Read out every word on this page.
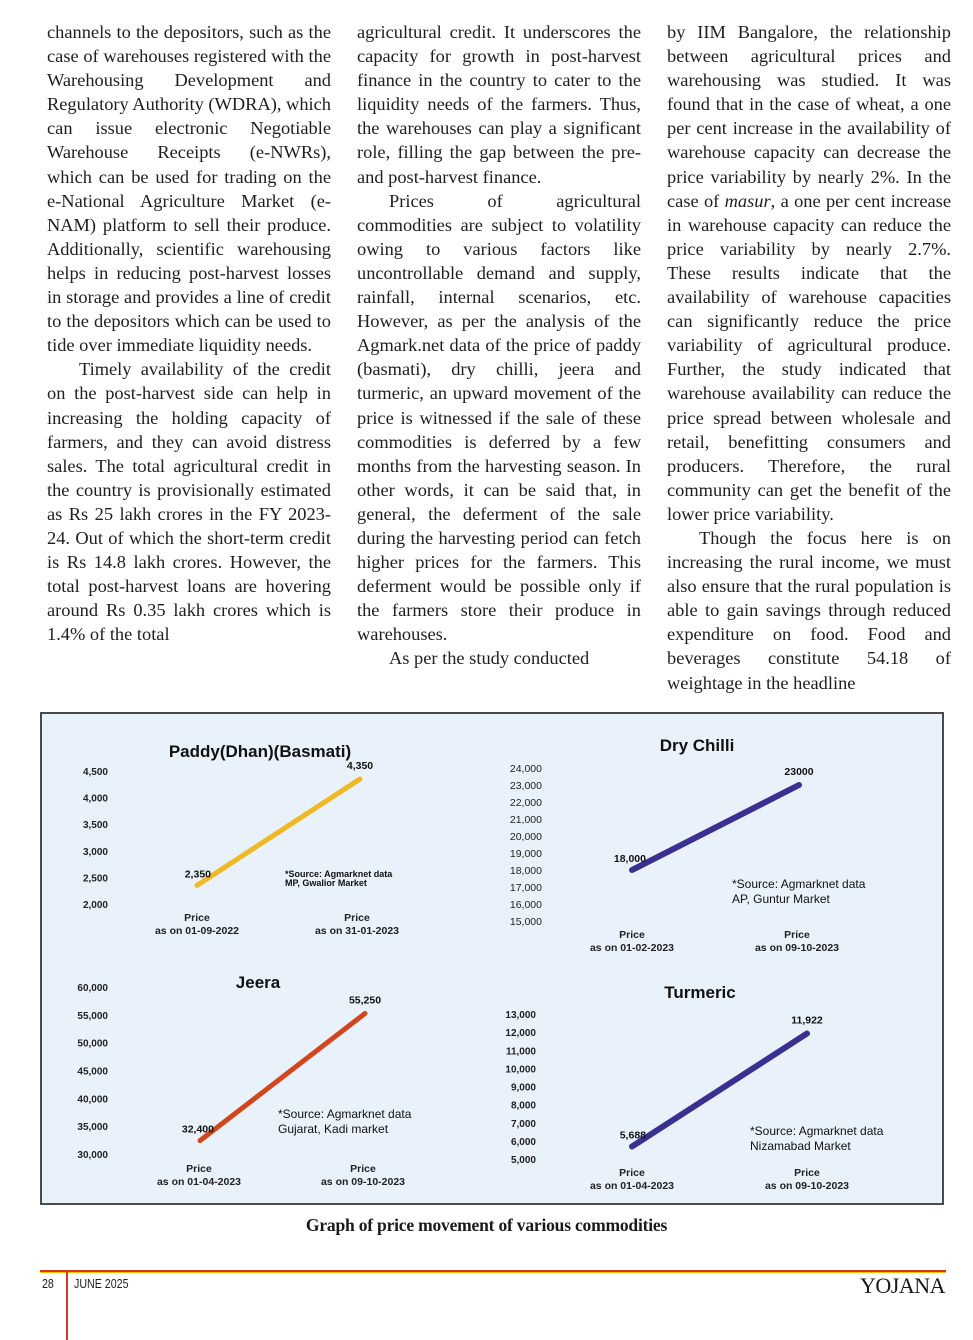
channels to the depositors, such as the case of warehouses registered with the Warehousing Development and Regulatory Authority (WDRA), which can issue electronic Negotiable Warehouse Receipts (e-NWRs), which can be used for trading on the e-National Agriculture Market (e-NAM) platform to sell their produce. Additionally, scientific warehousing helps in reducing post-harvest losses in storage and provides a line of credit to the depositors which can be used to tide over immediate liquidity needs.

Timely availability of the credit on the post-harvest side can help in increasing the holding capacity of farmers, and they can avoid distress sales. The total agricultural credit in the country is provisionally estimated as Rs 25 lakh crores in the FY 2023-24. Out of which the short-term credit is Rs 14.8 lakh crores. However, the total post-harvest loans are hovering around Rs 0.35 lakh crores which is 1.4% of the total

agricultural credit. It underscores the capacity for growth in post-harvest finance in the country to cater to the liquidity needs of the farmers. Thus, the warehouses can play a significant role, filling the gap between the pre- and post-harvest finance.

Prices of agricultural commodities are subject to volatility owing to various factors like uncontrollable demand and supply, rainfall, internal scenarios, etc. However, as per the analysis of the Agmark.net data of the price of paddy (basmati), dry chilli, jeera and turmeric, an upward movement of the price is witnessed if the sale of these commodities is deferred by a few months from the harvesting season. In other words, it can be said that, in general, the deferment of the sale during the harvesting period can fetch higher prices for the farmers. This deferment would be possible only if the farmers store their produce in warehouses.

As per the study conducted

by IIM Bangalore, the relationship between agricultural prices and warehousing was studied. It was found that in the case of wheat, a one per cent increase in the availability of warehouse capacity can decrease the price variability by nearly 2%. In the case of masur, a one per cent increase in warehouse capacity can reduce the price variability by nearly 2.7%. These results indicate that the availability of warehouse capacities can significantly reduce the price variability of agricultural produce. Further, the study indicated that warehouse availability can reduce the price spread between wholesale and retail, benefitting consumers and producers. Therefore, the rural community can get the benefit of the lower price variability.

Though the focus here is on increasing the rural income, we must also ensure that the rural population is able to gain savings through reduced expenditure on food. Food and beverages constitute 54.18 of weightage in the headline

Paddy(Dhan)(Basmati)
2,000
2,500
3,000
3,500
4,000
4,500
2,350
4,350
Price
as on 01-09-2022
Price
as on 31-01-2023
*Source: Agmarknet data
MP, Gwalior Market
Dry Chilli
15,000
16,000
17,000
18,000
19,000
20,000
21,000
22,000
23,000
24,000
18,000
23000
Price
as on 01-02-2023
Price
as on 09-10-2023
*Source: Agmarknet data
AP, Guntur Market
Jeera
30,000
35,000
40,000
45,000
50,000
55,000
60,000
32,400
55,250
Price
as on 01-04-2023
Price
as on 09-10-2023
*Source: Agmarknet data
Gujarat, Kadi market
Turmeric
5,000
6,000
7,000
8,000
9,000
10,000
11,000
12,000
13,000
5,688
11,922
Price
as on 01-04-2023
Price
as on 09-10-2023
*Source: Agmarknet data
Nizamabad Market
Graph of price movement of various commodities
28 JUNE 2025	YOJANA
